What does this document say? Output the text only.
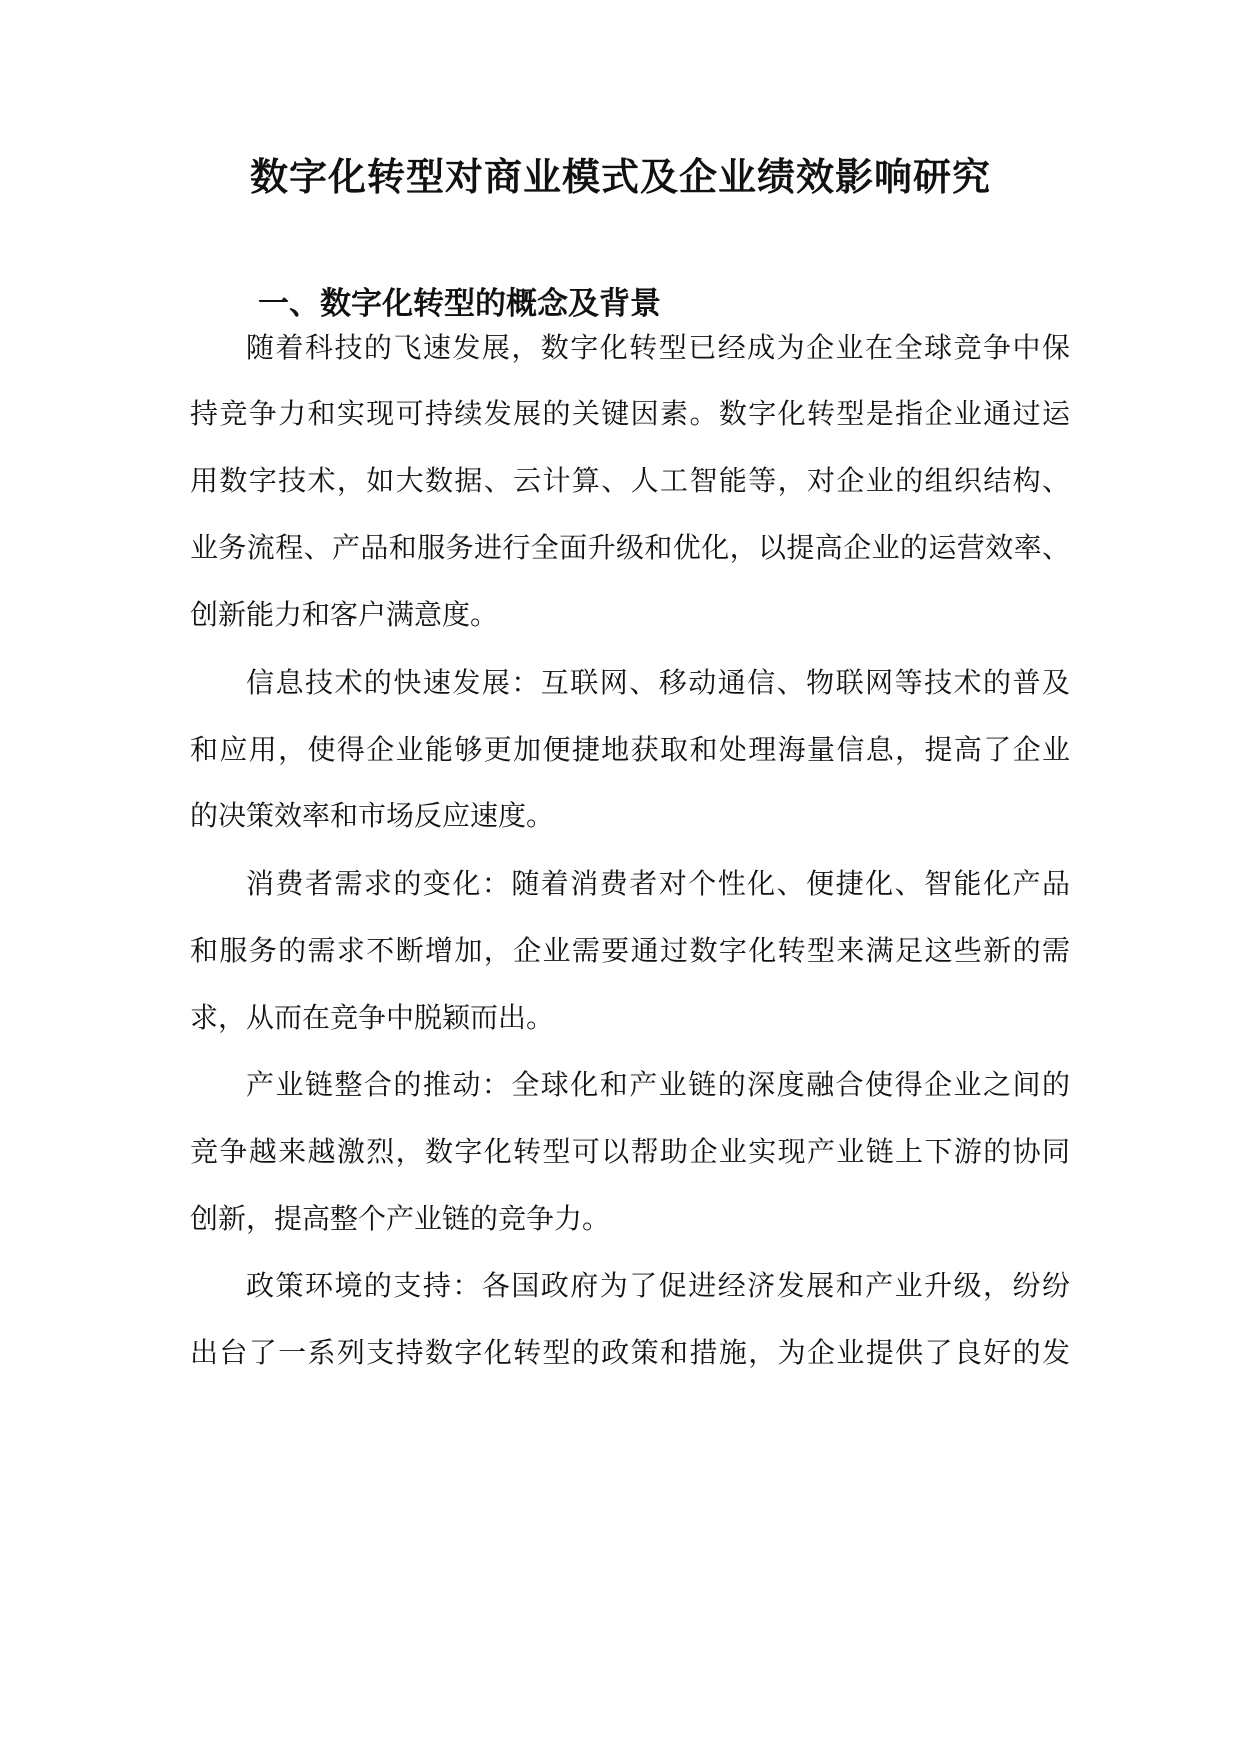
数字化转型对商业模式及企业绩效影响研究
一、数字化转型的概念及背景
随着科技的飞速发展，数字化转型已经成为企业在全球竞争中保
持竞争力和实现可持续发展的关键因素。数字化转型是指企业通过运
用数字技术，如大数据、云计算、人工智能等，对企业的组织结构、
业务流程、产品和服务进行全面升级和优化，以提高企业的运营效率、
创新能力和客户满意度。
信息技术的快速发展：互联网、移动通信、物联网等技术的普及
和应用，使得企业能够更加便捷地获取和处理海量信息，提高了企业
的决策效率和市场反应速度。
消费者需求的变化：随着消费者对个性化、便捷化、智能化产品
和服务的需求不断增加，企业需要通过数字化转型来满足这些新的需
求，从而在竞争中脱颖而出。
产业链整合的推动：全球化和产业链的深度融合使得企业之间的
竞争越来越激烈，数字化转型可以帮助企业实现产业链上下游的协同
创新，提高整个产业链的竞争力。
政策环境的支持：各国政府为了促进经济发展和产业升级，纷纷
出台了一系列支持数字化转型的政策和措施，为企业提供了良好的发
